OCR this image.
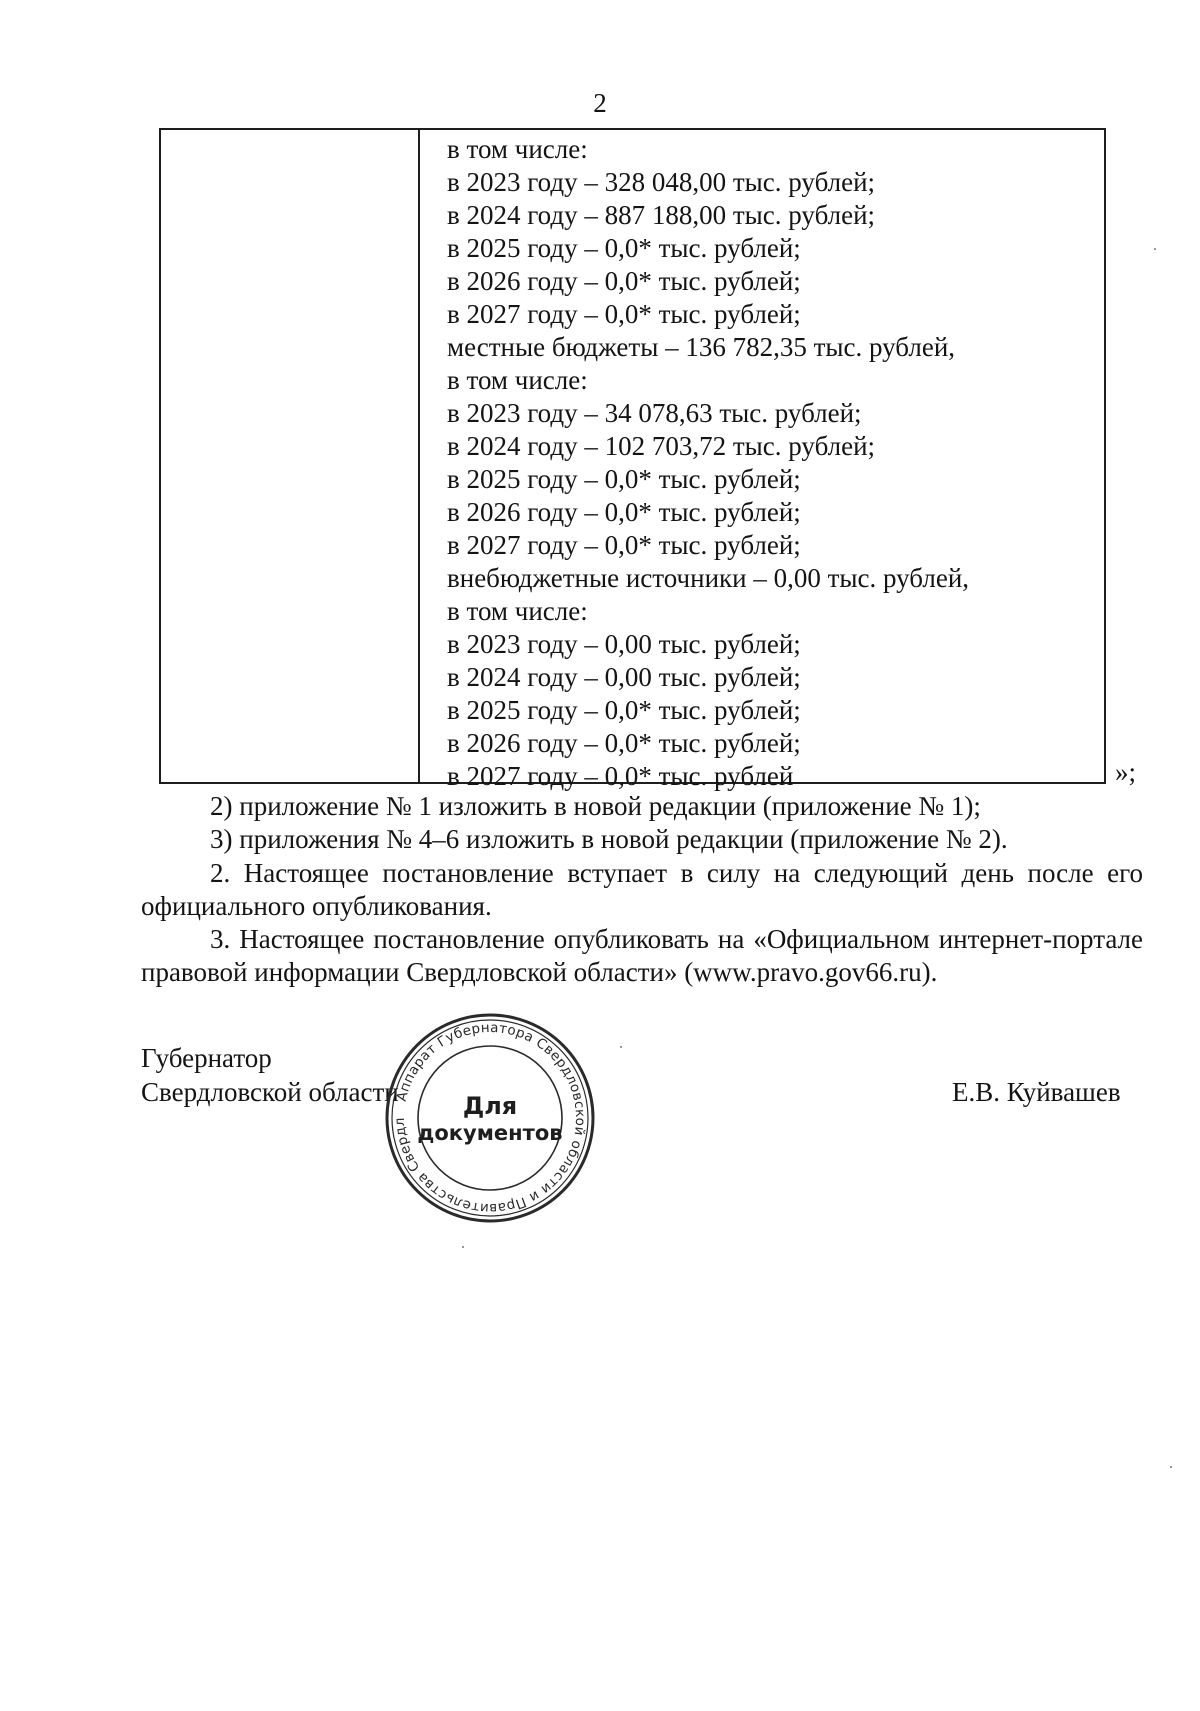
2
в том числе:
в 2023 году – 328 048,00 тыс. рублей;
в 2024 году – 887 188,00 тыс. рублей;
в 2025 году – 0,0* тыс. рублей;
в 2026 году – 0,0* тыс. рублей;
в 2027 году – 0,0* тыс. рублей;
местные бюджеты – 136 782,35 тыс. рублей,
в том числе:
в 2023 году – 34 078,63 тыс. рублей;
в 2024 году – 102 703,72 тыс. рублей;
в 2025 году – 0,0* тыс. рублей;
в 2026 году – 0,0* тыс. рублей;
в 2027 году – 0,0* тыс. рублей;
внебюджетные источники – 0,00 тыс. рублей,
в том числе:
в 2023 году – 0,00 тыс. рублей;
в 2024 году – 0,00 тыс. рублей;
в 2025 году – 0,0* тыс. рублей;
в 2026 году – 0,0* тыс. рублей;
в 2027 году – 0,0* тыс. рублей	»;
2) приложение № 1 изложить в новой редакции (приложение № 1);
3) приложения № 4–6 изложить в новой редакции (приложение № 2).
2. Настоящее постановление вступает в силу на следующий день после его официального опубликования.
3. Настоящее постановление опубликовать на «Официальном интернет-портале правовой информации Свердловской области» (www.pravo.gov66.ru).
Губернатор
Свердловской области	Е.В. Куйвашев
Аппарат Губернатора Свердловской области и Правительства Свердл
Для
документов
